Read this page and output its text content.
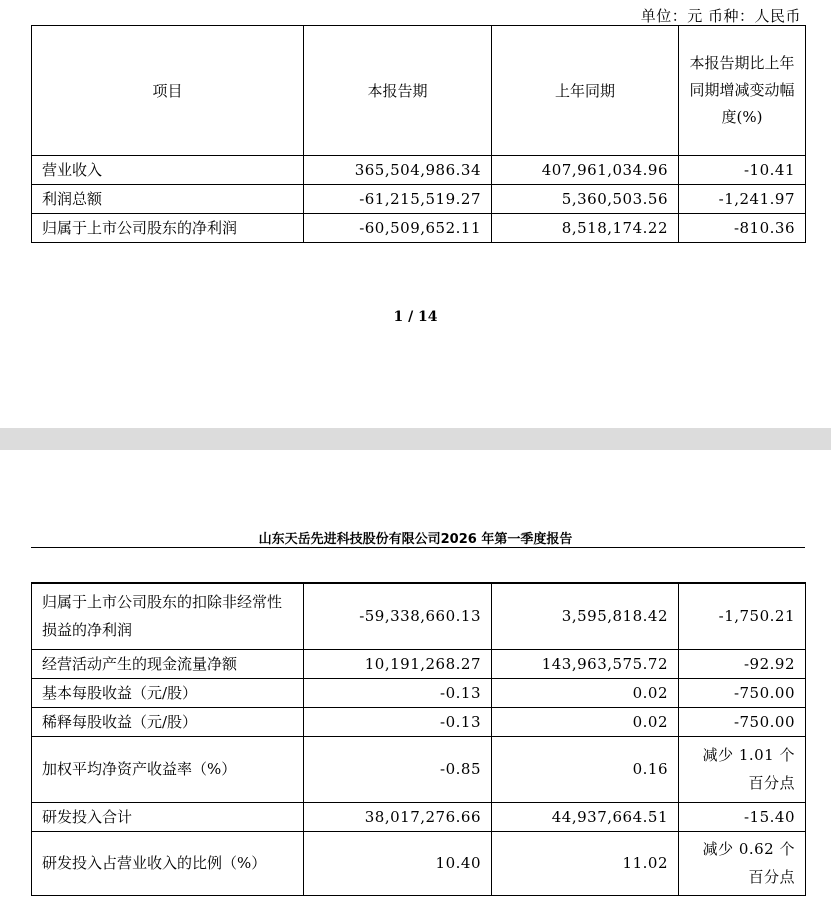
单位：元 币种：人民币
项目	本报告期	上年同期	本报告期比上年同期增减变动幅度(%)
营业收入	365,504,986.34	407,961,034.96	-10.41
利润总额	-61,215,519.27	5,360,503.56	-1,241.97
归属于上市公司股东的净利润	-60,509,652.11	8,518,174.22	-810.36
1 / 14
山东天岳先进科技股份有限公司2026 年第一季度报告
归属于上市公司股东的扣除非经常性损益的净利润	-59,338,660.13	3,595,818.42	-1,750.21
经营活动产生的现金流量净额	10,191,268.27	143,963,575.72	-92.92
基本每股收益（元/股）	-0.13	0.02	-750.00
稀释每股收益（元/股）	-0.13	0.02	-750.00
加权平均净资产收益率（%）	-0.85	0.16	减少 1.01 个百分点
研发投入合计	38,017,276.66	44,937,664.51	-15.40
研发投入占营业收入的比例（%）	10.40	11.02	减少 0.62 个百分点
